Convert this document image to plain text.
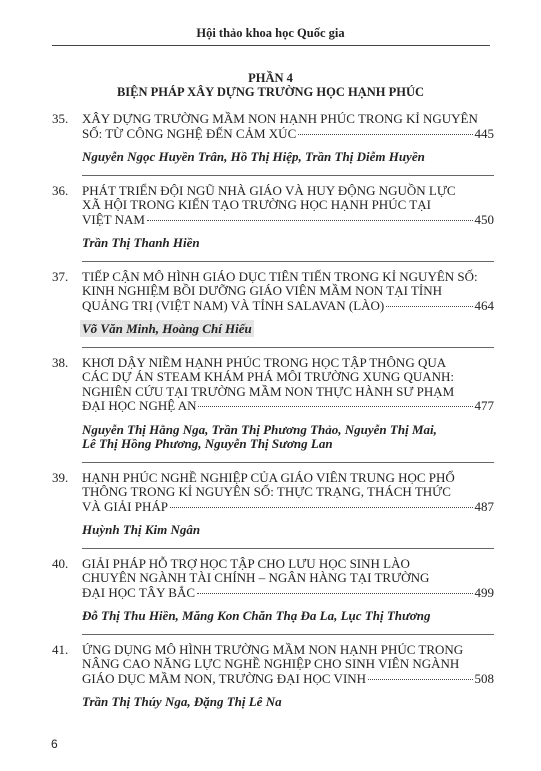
Hội thảo khoa học Quốc gia
PHẦN 4
BIỆN PHÁP XÂY DỰNG TRƯỜNG HỌC HẠNH PHÚC
35. XÂY DỰNG TRƯỜNG MẦM NON HẠNH PHÚC TRONG KỈ NGUYÊN
SỐ: TỪ CÔNG NGHỆ ĐẾN CẢM XÚC	445
Nguyễn Ngọc Huyền Trân, Hồ Thị Hiệp, Trần Thị Diễm Huyền
36. PHÁT TRIỂN ĐỘI NGŨ NHÀ GIÁO VÀ HUY ĐỘNG NGUỒN LỰC
XÃ HỘI TRONG KIẾN TẠO TRƯỜNG HỌC HẠNH PHÚC TẠI
VIỆT NAM	450
Trần Thị Thanh Hiền
37. TIẾP CẬN MÔ HÌNH GIÁO DỤC TIÊN TIẾN TRONG KỈ NGUYÊN SỐ:
KINH NGHIỆM BỒI DƯỠNG GIÁO VIÊN MẦM NON TẠI TỈNH
QUẢNG TRỊ (VIỆT NAM) VÀ TỈNH SALAVAN (LÀO)	464
Võ Văn Minh, Hoàng Chí Hiếu
38. KHƠI DẬY NIỀM HẠNH PHÚC TRONG HỌC TẬP THÔNG QUA
CÁC DỰ ÁN STEAM KHÁM PHÁ MÔI TRƯỜNG XUNG QUANH:
NGHIÊN CỨU TẠI TRƯỜNG MẦM NON THỰC HÀNH SƯ PHẠM
ĐẠI HỌC NGHỆ AN	477
Nguyễn Thị Hằng Nga, Trần Thị Phương Thảo, Nguyễn Thị Mai,
Lê Thị Hồng Phương, Nguyễn Thị Sương Lan
39. HẠNH PHÚC NGHỀ NGHIỆP CỦA GIÁO VIÊN TRUNG HỌC PHỔ
THÔNG TRONG KỈ NGUYÊN SỐ: THỰC TRẠNG, THÁCH THỨC
VÀ GIẢI PHÁP	487
Huỳnh Thị Kim Ngân
40. GIẢI PHÁP HỖ TRỢ HỌC TẬP CHO LƯU HỌC SINH LÀO
CHUYÊN NGÀNH TÀI CHÍNH – NGÂN HÀNG TẠI TRƯỜNG
ĐẠI HỌC TÂY BẮC	499
Đỗ Thị Thu Hiền, Măng Kon Chăn Thạ Đa La, Lục Thị Thương
41. ỨNG DỤNG MÔ HÌNH TRƯỜNG MẦM NON HẠNH PHÚC TRONG
NÂNG CAO NĂNG LỰC NGHỀ NGHIỆP CHO SINH VIÊN NGÀNH
GIÁO DỤC MẦM NON, TRƯỜNG ĐẠI HỌC VINH	508
Trần Thị Thúy Nga, Đặng Thị Lê Na
6
